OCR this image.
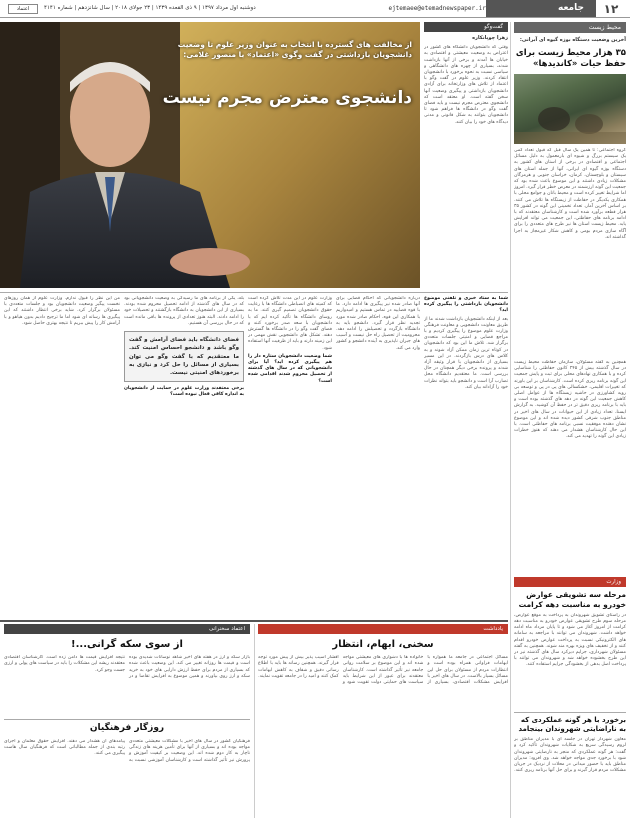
۱۲
جامعه
ejtemaee@etemadnewspaper.ir
دوشنبه اول مرداد ۱۳۹۷ | ۹ ذی القعده ۱۴۳۹ | ۲۳ جولای ۲۰۱۸ | سال شانزدهم | شماره ۴۱۴۱
اعتماد
محیط زیست
آخرین وضعیت دستگاه بوزه گیوه ای آبرانی:
۳۵ هزار محیط زیست برای حفظ حیات «کاندیدها»
گروه اجتماعی: تا همین یک سال قبل که قبول تعداد کمی یک سیستم بزرگ و شیوه ای بارمعمول به دلیل مسائل اجتماعی و اقتصادی در برخی از استان های کشور به دستگاه بوزه گیوه ای ایرانی، آنها از جمله استان های سیستان و بلوچستان، کرمان، خراسان جنوبی و هرمزگان مشکلات زیادی داشتند و این موضوع باعث شده بود که جمعیت این گونه ارزشمند در معرض خطر قرار گیرد. امروز اما شرایط تغییر کرده است و محیط بانان و جوامع محلی با همکاری یکدیگر در حفاظت از زیستگاه ها تلاش می کنند. بر اساس آخرین آمار، تعداد تخمینی این گونه در کشور ۳۵ هزار قطعه برآورد شده است و کارشناسان معتقدند که با ادامه برنامه های حفاظتی، این جمعیت می تواند افزایش یابد. محیط زیست استان ها نیز طرح های متعددی را برای آگاه سازی مردم بومی و کاهش شکار غیرمجاز به اجرا گذاشته اند.
همچنین به گفته مسئولان، سازمان حفاظت محیط زیست در سال گذشته بیش از ۲۴۵ کانون حفاظتی را شناسایی کرده و با همکاری نهادهای محلی برای ثبت و پایش جمعیت این گونه برنامه ریزی کرده است. کارشناسان بر این باورند که تغییرات اقلیمی، خشکسالی های پی در پی و توسعه بی رویه کشاورزی در حاشیه زیستگاه ها از عوامل اصلی کاهش جمعیت این گونه در دهه های گذشته بوده است و باید با برنامه ریزی دقیق تر در حفظ آن کوشید. به گزارش ایسنا، تعداد زیادی از این حیوانات در سال های اخیر در مناطق جنوب شرقی کشور دیده شده اند و این موضوع نشان دهنده موفقیت نسبی برنامه های حفاظتی است. با این حال کارشناسان هشدار می دهند که هنوز خطرات زیادی این گونه را تهدید می کند.
وزارت
مرحله سه تشویقی عوارض خودرو به مناسبت دهه کرامت
در راستای تشویق شهروندان به پرداخت به موقع عوارض، مرحله سوم طرح تشویقی عوارض خودرو به مناسبت دهه کرامت از امروز آغاز می شود و تا پایان مرداد ماه ادامه خواهد داشت. شهروندان می توانند با مراجعه به سامانه های الکترونیکی نسبت به پرداخت عوارض خودرو اقدام کنند و از تخفیف های ویژه بهره مند شوند. همچنین به گفته مسئولان شهرداری، جرایم دیرکرد سال های گذشته نیز در این طرح بخشوده خواهد شد و شهروندان می توانند با پرداخت اصل بدهی از بخشودگی جرایم استفاده کنند.
برخورد با هر گونه عملکردی که به ناراضایتی شهروندان بینجامد
معاون شهردار تهران در جلسه ای با مدیران مناطق بر لزوم رسیدگی سریع به شکایات شهروندان تأکید کرد و گفت: هر گونه عملکردی که منجر به نارضایتی شهروندان شود با برخورد جدی مواجه خواهد شد. وی افزود: مدیران مناطق باید با حضور میدانی در محلات از نزدیک در جریان مشکلات مردم قرار گیرند و برای حل آنها برنامه ریزی کنند.
از مخالفت های گسترده با انتخاب به عنوان وزیر علوم تا وضعیت دانشجویان بازداشتی در گفت وگوی «اعتماد» با منصور غلامی:
دانشجوی معترض مجرم نیست
گفت‌وگو
زهرا چوپانکاره
وقتی که دانشجویان دانشگاه های کشور در اعتراض به وضعیت معیشتی و اقتصادی به خیابان ها آمدند و برخی از آنها بازداشت شدند، بسیاری از چهره های دانشگاهی و سیاسی نسبت به نحوه برخورد با دانشجویان انتقاد کردند. وزیر علوم در گفت وگو با اعتماد از تلاش های وزارتخانه برای آزادی دانشجویان بازداشتی و پیگیری وضعیت آنها سخن گفته است. او معتقد است که دانشجوی معترض مجرم نیست و باید فضای گفت وگو در دانشگاه ها فراهم شود تا دانشجویان بتوانند به شکل قانونی و مدنی دیدگاه های خود را بیان کنند.

شما به ستاد خبری و تلفنی موضوع دانشجویان بازداشتی را پیگیری کرده اید؟

بعد از اینکه دانشجویان بازداشت شدند ما از طریق معاونت دانشجویی و معاونت فرهنگی وزارت علوم موضوع را پیگیری کردیم و با مراجع قضایی و امنیتی جلسات متعددی برگزار شد. تلاش ما این بود که دانشجویان در کوتاه ترین زمان ممکن آزاد شوند و به کلاس های درس بازگردند. در این مسیر بسیاری از دانشجویان با قرار وثیقه آزاد شدند و پرونده برخی دیگر همچنان در حال بررسی است. ما معتقدیم دانشگاه محل تضارب آرا است و دانشجو باید بتواند نظرات خود را آزادانه بیان کند.

درباره دانشجویانی که احکام قضایی برای آنها صادر شده نیز پیگیری ها ادامه دارد. ما با قوه قضاییه در تماس هستیم و امیدواریم با همکاری این قوه، احکام صادر شده مورد تجدید نظر قرار گیرد. دانشجو باید به دانشگاه بازگردد و تحصیلش را ادامه دهد. محرومیت از تحصیل راه حل نیست و آسیب های جبران ناپذیری به آینده دانشجو و کشور وارد می کند.

وزارت علوم در این مدت تلاش کرده است که کمیته های انضباطی دانشگاه ها با رعایت حقوق دانشجویان تصمیم گیری کنند. ما به روسای دانشگاه ها تأکید کرده ایم که با دانشجویان با سعه صدر برخورد کنند و فضای گفت وگو را در دانشگاه ها گسترش دهند. تشکل های دانشجویی نقش مهمی در این زمینه دارند و باید از ظرفیت آنها استفاده شود.

شما وضعیت دانشجویان ستاره دار را هم پیگیری کرده اید؟ آیا برای دانشجویانی که در سال های گذشته از تحصیل محروم شدند اقدامی شده است؟

بله، یکی از برنامه های ما رسیدگی به وضعیت دانشجویانی بود که در سال های گذشته از ادامه تحصیل محروم شده بودند. بسیاری از این دانشجویان به دانشگاه بازگشتند و تحصیلات خود را ادامه دادند. البته هنوز تعدادی از پرونده ها باقی مانده است که در حال بررسی آن هستیم.

فضای دانشگاه باید فضای آرامش و گفت وگو باشد و دانشجو احساس امنیت کند. ما معتقدیم که با گفت وگو می توان بسیاری از مسائل را حل کرد و نیازی به برخوردهای امنیتی نیست.

برخی معتقدند وزارت علوم در حمایت از دانشجویان به اندازه کافی فعال نبوده است؟

من این نظر را قبول ندارم. وزارت علوم از همان روزهای نخست پیگیر وضعیت دانشجویان بود و جلسات متعددی با مسئولان برگزار کرد. شاید برخی انتظار داشتند که این پیگیری ها رسانه ای شود اما ما ترجیح دادیم بدون هیاهو و با آرامش کار را پیش ببریم تا نتیجه بهتری حاصل شود.
یادداشت
سخنی، ابهام، انتظار
مسائل اجتماعی در جامعه ما همواره با ابهامات فراوانی همراه بوده است و انتظارات مردم از مسئولان برای حل این مسائل بسیار بالاست. در سال های اخیر با افزایش مشکلات اقتصادی، بسیاری از خانواده ها با دشواری های معیشتی مواجه شده اند و این موضوع بر سلامت روانی جامعه نیز تأثیر گذاشته است. کارشناسان معتقدند برای عبور از این شرایط باید سیاست های حمایتی دولت تقویت شود و اقشار آسیب پذیر بیش از پیش مورد توجه قرار گیرند. همچنین رسانه ها باید با اطلاع رسانی دقیق و شفاف به کاهش ابهامات کمک کنند و امید را در جامعه تقویت نمایند.
اعتماد سخنرانی
از سوی سکه گرانی...!
بازار سکه و ارز در هفته های اخیر شاهد نوسانات شدیدی بوده است و قیمت ها روزانه تغییر می کند. این وضعیت باعث شده که بسیاری از مردم برای حفظ ارزش دارایی های خود به خرید سکه و ارز روی بیاورند و همین موضوع به افزایش تقاضا و در نتیجه افزایش قیمت ها دامن زده است. کارشناسان اقتصادی معتقدند ریشه این مشکلات را باید در سیاست های پولی و ارزی جست وجو کرد.
روزگار فرهنگیان
فرهنگیان کشور در سال های اخیر با مشکلات معیشتی متعددی مواجه بوده اند و بسیاری از آنها برای تأمین هزینه های زندگی ناچار به کار دوم شده اند. این وضعیت بر کیفیت آموزش و پرورش نیز تأثیر گذاشته است و کارشناسان آموزشی نسبت به پیامدهای آن هشدار می دهند. افزایش حقوق معلمان و اجرای رتبه بندی از جمله مطالباتی است که فرهنگیان سال هاست پیگیری می کنند.
